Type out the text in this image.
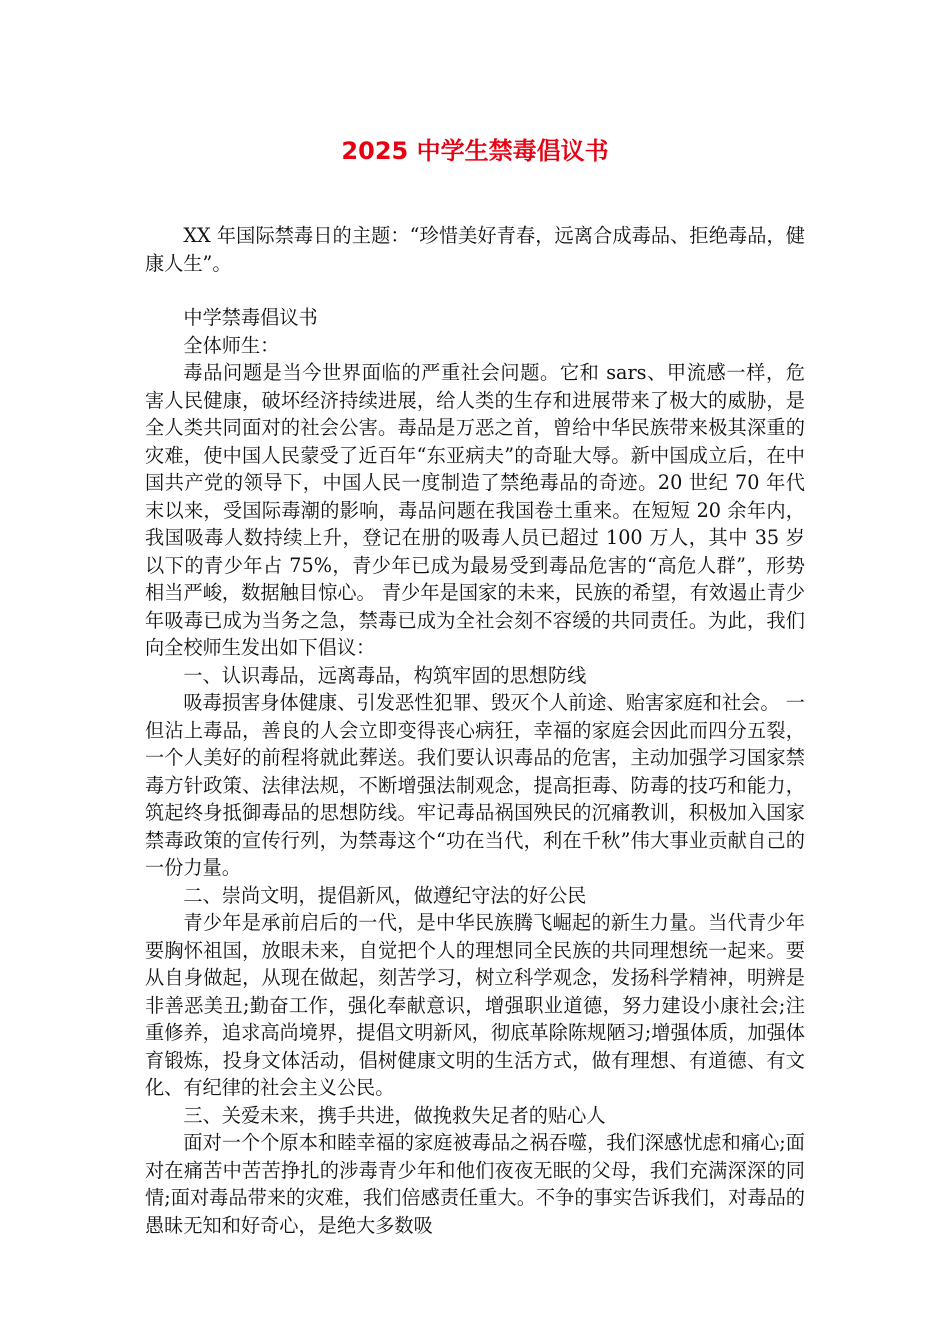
2025 中学生禁毒倡议书

XX 年国际禁毒日的主题：“珍惜美好青春，远离合成毒品、拒绝毒品，健康人生”。

中学禁毒倡议书

全体师生：

毒品问题是当今世界面临的严重社会问题。它和 sars、甲流感一样，危害人民健康，破坏经济持续进展，给人类的生存和进展带来了极大的威胁，是全人类共同面对的社会公害。毒品是万恶之首，曾给中华民族带来极其深重的灾难，使中国人民蒙受了近百年“东亚病夫”的奇耻大辱。新中国成立后，在中国共产党的领导下，中国人民一度制造了禁绝毒品的奇迹。20 世纪 70 年代末以来，受国际毒潮的影响，毒品问题在我国卷土重来。在短短 20 余年内，我国吸毒人数持续上升，登记在册的吸毒人员已超过 100 万人，其中 35 岁以下的青少年占 75%，青少年已成为最易受到毒品危害的“高危人群”，形势相当严峻，数据触目惊心。 青少年是国家的未来，民族的希望，有效遏止青少年吸毒已成为当务之急，禁毒已成为全社会刻不容缓的共同责任。为此，我们向全校师生发出如下倡议：

一、认识毒品，远离毒品，构筑牢固的思想防线

吸毒损害身体健康、引发恶性犯罪、毁灭个人前途、贻害家庭和社会。 一但沾上毒品，善良的人会立即变得丧心病狂，幸福的家庭会因此而四分五裂，一个人美好的前程将就此葬送。我们要认识毒品的危害，主动加强学习国家禁毒方针政策、法律法规，不断增强法制观念，提高拒毒、防毒的技巧和能力，筑起终身抵御毒品的思想防线。牢记毒品祸国殃民的沉痛教训，积极加入国家禁毒政策的宣传行列，为禁毒这个“功在当代，利在千秋”伟大事业贡献自己的一份力量。

二、崇尚文明，提倡新风，做遵纪守法的好公民

青少年是承前启后的一代，是中华民族腾飞崛起的新生力量。当代青少年要胸怀祖国，放眼未来，自觉把个人的理想同全民族的共同理想统一起来。要从自身做起，从现在做起，刻苦学习，树立科学观念，发扬科学精神，明辨是非善恶美丑;勤奋工作，强化奉献意识，增强职业道德，努力建设小康社会;注重修养，追求高尚境界，提倡文明新风，彻底革除陈规陋习;增强体质，加强体育锻炼，投身文体活动，倡树健康文明的生活方式，做有理想、有道德、有文化、有纪律的社会主义公民。

三、关爱未来，携手共进，做挽救失足者的贴心人

面对一个个原本和睦幸福的家庭被毒品之祸吞噬，我们深感忧虑和痛心;面对在痛苦中苦苦挣扎的涉毒青少年和他们夜夜无眠的父母，我们充满深深的同情;面对毒品带来的灾难，我们倍感责任重大。不争的事实告诉我们，对毒品的愚昧无知和好奇心，是绝大多数吸
